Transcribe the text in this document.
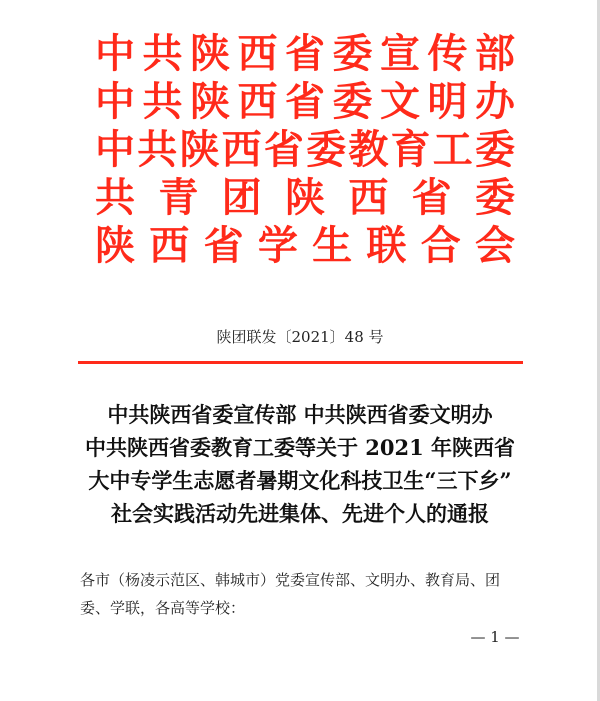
中共陕西省委宣传部
中共陕西省委文明办
中共陕西省委教育工委
共青团陕西省委
陕西省学生联合会
陕团联发〔2021〕48 号
中共陕西省委宣传部 中共陕西省委文明办
中共陕西省委教育工委等关于 2021 年陕西省
大中专学生志愿者暑期文化科技卫生“三下乡”
社会实践活动先进集体、先进个人的通报
各市（杨凌示范区、韩城市）党委宣传部、文明办、教育局、团
委、学联，各高等学校：
— 1 —
